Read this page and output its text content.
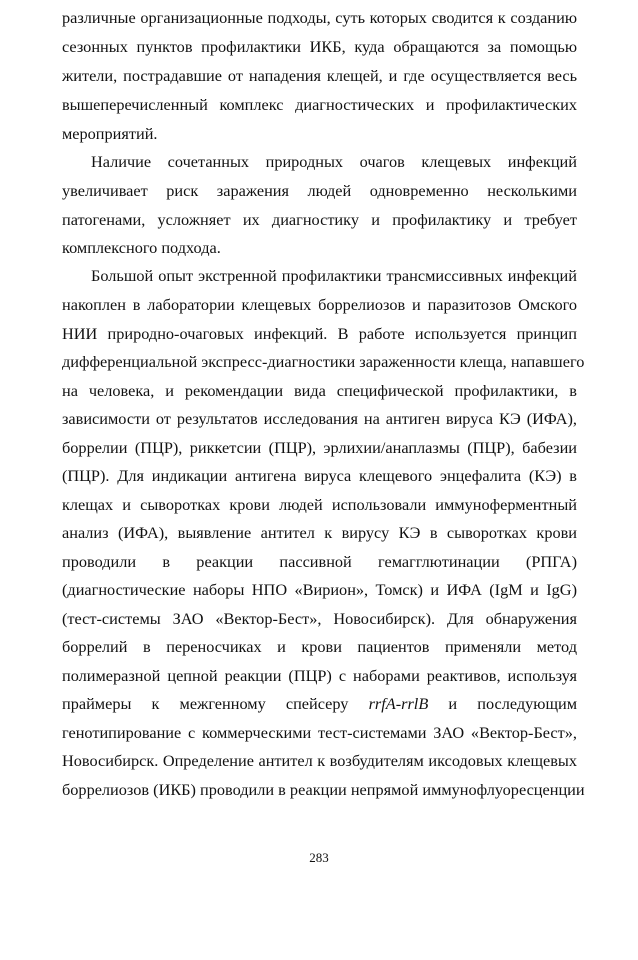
различные организационные подходы, суть которых сводится к созданию
сезонных пунктов профилактики ИКБ, куда обращаются за помощью
жители, пострадавшие от нападения клещей, и где осуществляется весь
вышеперечисленный комплекс диагностических и профилактических
мероприятий.
Наличие сочетанных природных очагов клещевых инфекций
увеличивает риск заражения людей одновременно несколькими
патогенами, усложняет их диагностику и профилактику и требует
комплексного подхода.
Большой опыт экстренной профилактики трансмиссивных инфекций
накоплен в лаборатории клещевых боррелиозов и паразитозов Омского
НИИ природно-очаговых инфекций. В работе используется принцип
дифференциальной экспресс-диагностики зараженности клеща, напавшего
на человека, и рекомендации вида специфической профилактики, в
зависимости от результатов исследования на антиген вируса КЭ (ИФА),
боррелии (ПЦР), риккетсии (ПЦР), эрлихии/анаплазмы (ПЦР), бабезии
(ПЦР). Для индикации антигена вируса клещевого энцефалита (КЭ) в
клещах и сыворотках крови людей использовали иммуноферментный
анализ (ИФА), выявление антител к вирусу КЭ в сыворотках крови
проводили в реакции пассивной гемагглютинации (РПГА)
(диагностические наборы НПО «Вирион», Томск) и ИФА (IgM и IgG)
(тест-системы ЗАО «Вектор-Бест», Новосибирск). Для обнаружения
боррелий в переносчиках и крови пациентов применяли метод
полимеразной цепной реакции (ПЦР) с наборами реактивов, используя
праймеры к межгенному спейсеру rrfA-rrlB и последующим
генотипирование с коммерческими тест-системами ЗАО «Вектор-Бест»,
Новосибирск. Определение антител к возбудителям иксодовых клещевых
боррелиозов (ИКБ) проводили в реакции непрямой иммунофлуоресценции
283
